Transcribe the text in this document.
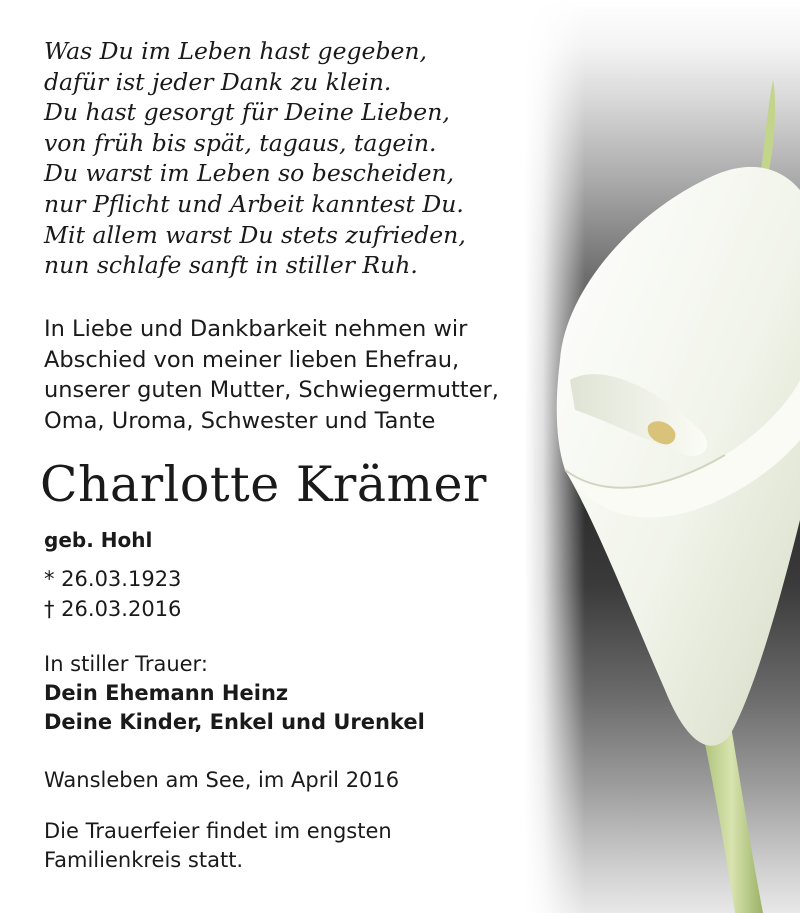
Was Du im Leben hast gegeben,
dafür ist jeder Dank zu klein.
Du hast gesorgt für Deine Lieben,
von früh bis spät, tagaus, tagein.
Du warst im Leben so bescheiden,
nur Pflicht und Arbeit kanntest Du.
Mit allem warst Du stets zufrieden,
nun schlafe sanft in stiller Ruh.
In Liebe und Dankbarkeit nehmen wir
Abschied von meiner lieben Ehefrau,
unserer guten Mutter, Schwiegermutter,
Oma, Uroma, Schwester und Tante
Charlotte Krämer
geb. Hohl
* 26.03.1923
† 26.03.2016
In stiller Trauer:
Dein Ehemann Heinz
Deine Kinder, Enkel und Urenkel
Wansleben am See, im April 2016
Die Trauerfeier findet im engsten
Familienkreis statt.
